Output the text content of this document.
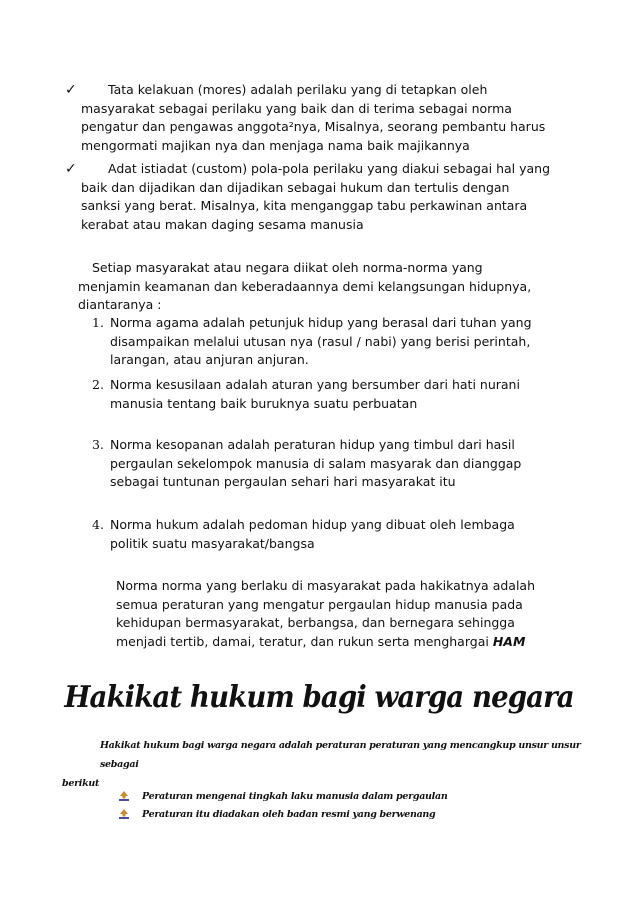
✓	Tata kelakuan (mores) adalah perilaku yang di tetapkan oleh
masyarakat sebagai perilaku yang baik dan di terima sebagai norma
pengatur dan pengawas anggota²nya, Misalnya, seorang pembantu harus
mengormati majikan nya dan menjaga nama baik majikannya
✓	Adat istiadat (custom) pola-pola perilaku yang diakui sebagai hal yang
baik dan dijadikan dan dijadikan sebagai hukum dan tertulis dengan
sanksi yang berat. Misalnya, kita menganggap tabu perkawinan antara
kerabat atau makan daging sesama manusia
Setiap masyarakat atau negara diikat oleh norma-norma yang
menjamin keamanan dan keberadaannya demi kelangsungan hidupnya,
diantaranya :
1. Norma agama adalah petunjuk hidup yang berasal dari tuhan yang
disampaikan melalui utusan nya (rasul / nabi) yang berisi perintah,
larangan, atau anjuran anjuran.
2. Norma kesusilaan adalah aturan yang bersumber dari hati nurani
manusia tentang baik buruknya suatu perbuatan
3. Norma kesopanan adalah peraturan hidup yang timbul dari hasil
pergaulan sekelompok manusia di salam masyarak dan dianggap
sebagai tuntunan pergaulan sehari hari masyarakat itu
4. Norma hukum adalah pedoman hidup yang dibuat oleh lembaga
politik suatu masyarakat/bangsa
Norma norma yang berlaku di masyarakat pada hakikatnya adalah
semua peraturan yang mengatur pergaulan hidup manusia pada
kehidupan bermasyarakat, berbangsa, dan bernegara sehingga
menjadi tertib, damai, teratur, dan rukun serta menghargai HAM
Hakikat hukum bagi warga negara
Hakikat hukum bagi warga negara adalah peraturan peraturan yang mencangkup unsur unsur sebagai
berikut
Peraturan mengenai tingkah laku manusia dalam pergaulan
Peraturan itu diadakan oleh badan resmi yang berwenang
